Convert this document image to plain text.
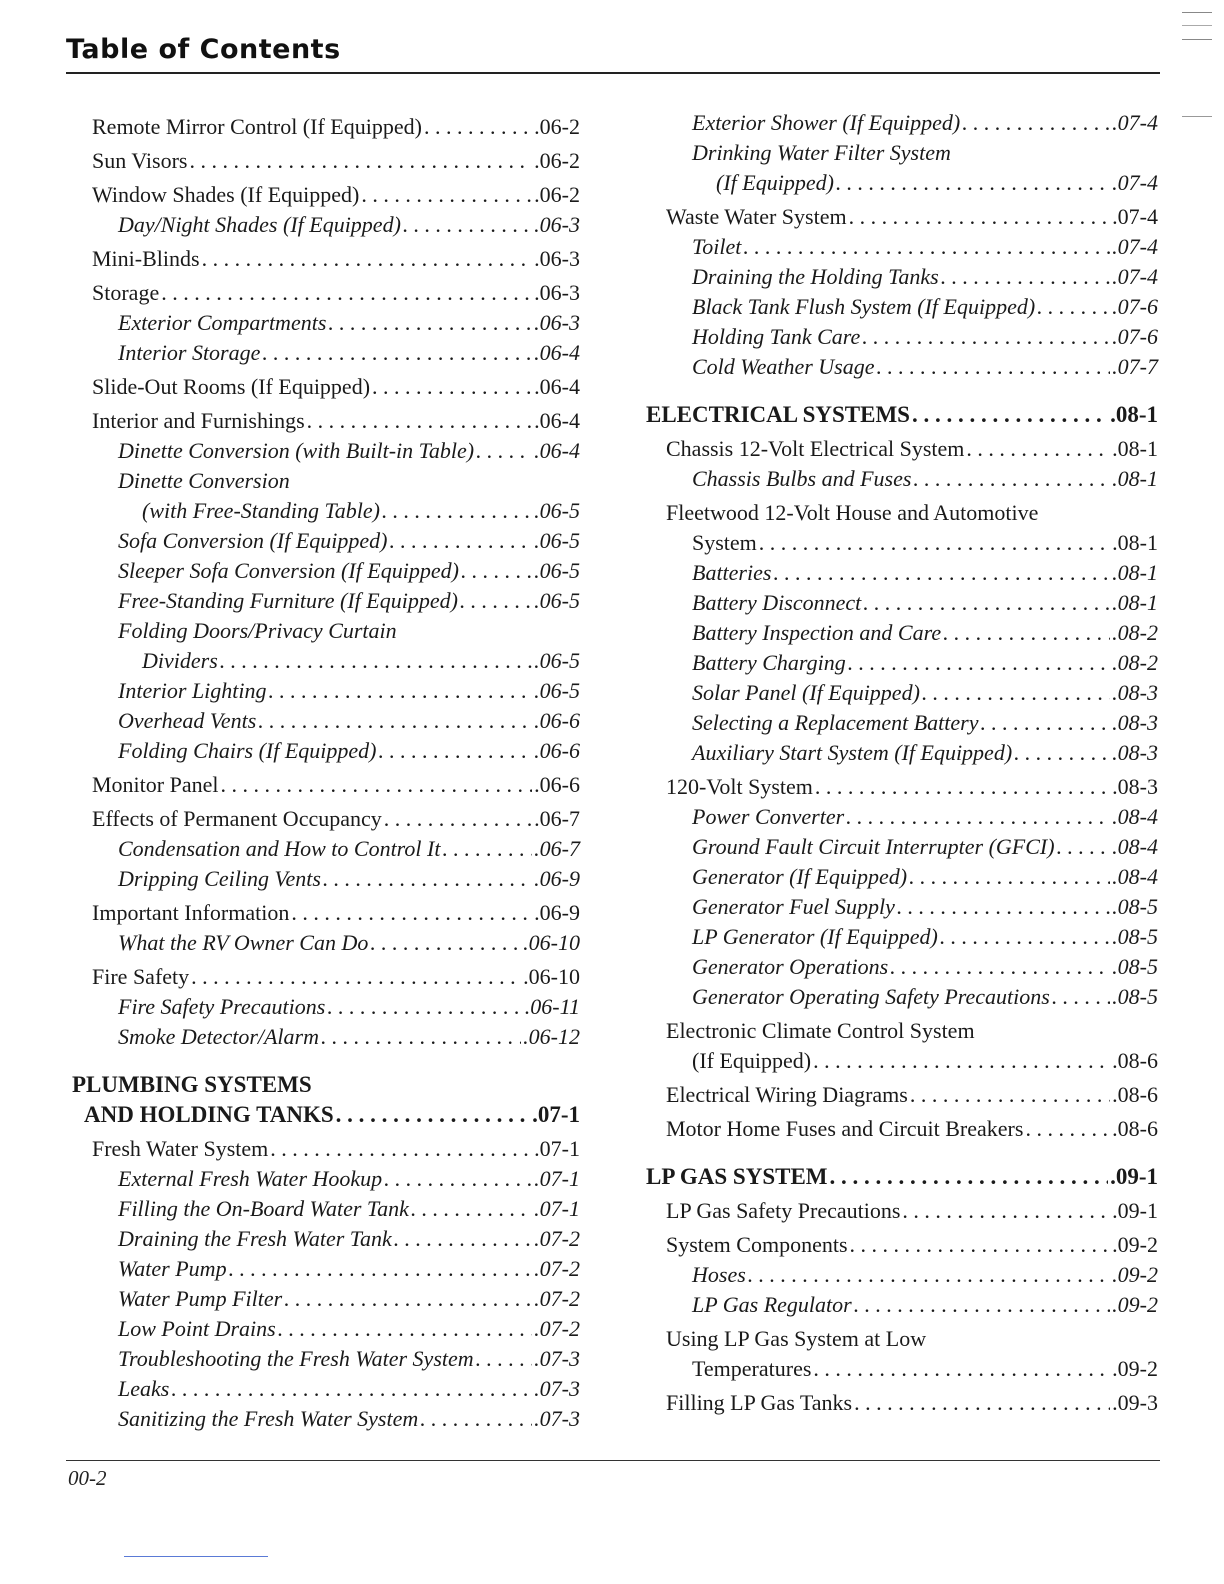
Table of Contents
Remote Mirror Control (If Equipped) . . .	.06-2
Sun Visors . . .	.06-2
Window Shades (If Equipped) . . .	.06-2
Day/Night Shades (If Equipped) . . .	.06-3
Mini-Blinds . . .	.06-3
Storage . . .	.06-3
Exterior Compartments . . .	.06-3
Interior Storage . . .	.06-4
Slide-Out Rooms (If Equipped) . . .	.06-4
Interior and Furnishings . . .	.06-4
Dinette Conversion (with Built-in Table) . . .	.06-4
Dinette Conversion
(with Free-Standing Table) . . .	.06-5
Sofa Conversion (If Equipped) . . .	.06-5
Sleeper Sofa Conversion (If Equipped) . . .	.06-5
Free-Standing Furniture (If Equipped) . . .	.06-5
Folding Doors/Privacy Curtain
Dividers . . .	.06-5
Interior Lighting . . .	.06-5
Overhead Vents . . .	.06-6
Folding Chairs (If Equipped) . . .	.06-6
Monitor Panel . . .	.06-6
Effects of Permanent Occupancy . . .	.06-7
Condensation and How to Control It . . .	.06-7
Dripping Ceiling Vents . . .	.06-9
Important Information . . .	.06-9
What the RV Owner Can Do . . .	.06-10
Fire Safety . . .	.06-10
Fire Safety Precautions . . .	.06-11
Smoke Detector/Alarm . . .	.06-12
PLUMBING SYSTEMS
AND HOLDING TANKS . . .	.07-1
Fresh Water System . . .	.07-1
External Fresh Water Hookup . . .	.07-1
Filling the On-Board Water Tank . . .	.07-1
Draining the Fresh Water Tank . . .	.07-2
Water Pump . . .	.07-2
Water Pump Filter . . .	.07-2
Low Point Drains . . .	.07-2
Troubleshooting the Fresh Water System . . .	.07-3
Leaks . . .	.07-3
Sanitizing the Fresh Water System . . .	.07-3
Exterior Shower (If Equipped) . . .	.07-4
Drinking Water Filter System
(If Equipped) . . .	.07-4
Waste Water System . . .	.07-4
Toilet . . .	.07-4
Draining the Holding Tanks . . .	.07-4
Black Tank Flush System (If Equipped) . . .	.07-6
Holding Tank Care . . .	.07-6
Cold Weather Usage . . .	.07-7
ELECTRICAL SYSTEMS . . .	.08-1
Chassis 12-Volt Electrical System . . .	.08-1
Chassis Bulbs and Fuses . . .	.08-1
Fleetwood 12-Volt House and Automotive
System . . .	.08-1
Batteries . . .	.08-1
Battery Disconnect . . .	.08-1
Battery Inspection and Care . . .	.08-2
Battery Charging . . .	.08-2
Solar Panel (If Equipped) . . .	.08-3
Selecting a Replacement Battery . . .	.08-3
Auxiliary Start System (If Equipped) . . .	.08-3
120-Volt System . . .	.08-3
Power Converter . . .	.08-4
Ground Fault Circuit Interrupter (GFCI) . . .	.08-4
Generator (If Equipped) . . .	.08-4
Generator Fuel Supply . . .	.08-5
LP Generator (If Equipped) . . .	.08-5
Generator Operations . . .	.08-5
Generator Operating Safety Precautions . . .	.08-5
Electronic Climate Control System
(If Equipped) . . .	.08-6
Electrical Wiring Diagrams . . .	.08-6
Motor Home Fuses and Circuit Breakers . . .	.08-6
LP GAS SYSTEM . . .	.09-1
LP Gas Safety Precautions . . .	.09-1
System Components . . .	.09-2
Hoses . . .	.09-2
LP Gas Regulator . . .	.09-2
Using LP Gas System at Low
Temperatures . . .	.09-2
Filling LP Gas Tanks . . .	.09-3
00-2
